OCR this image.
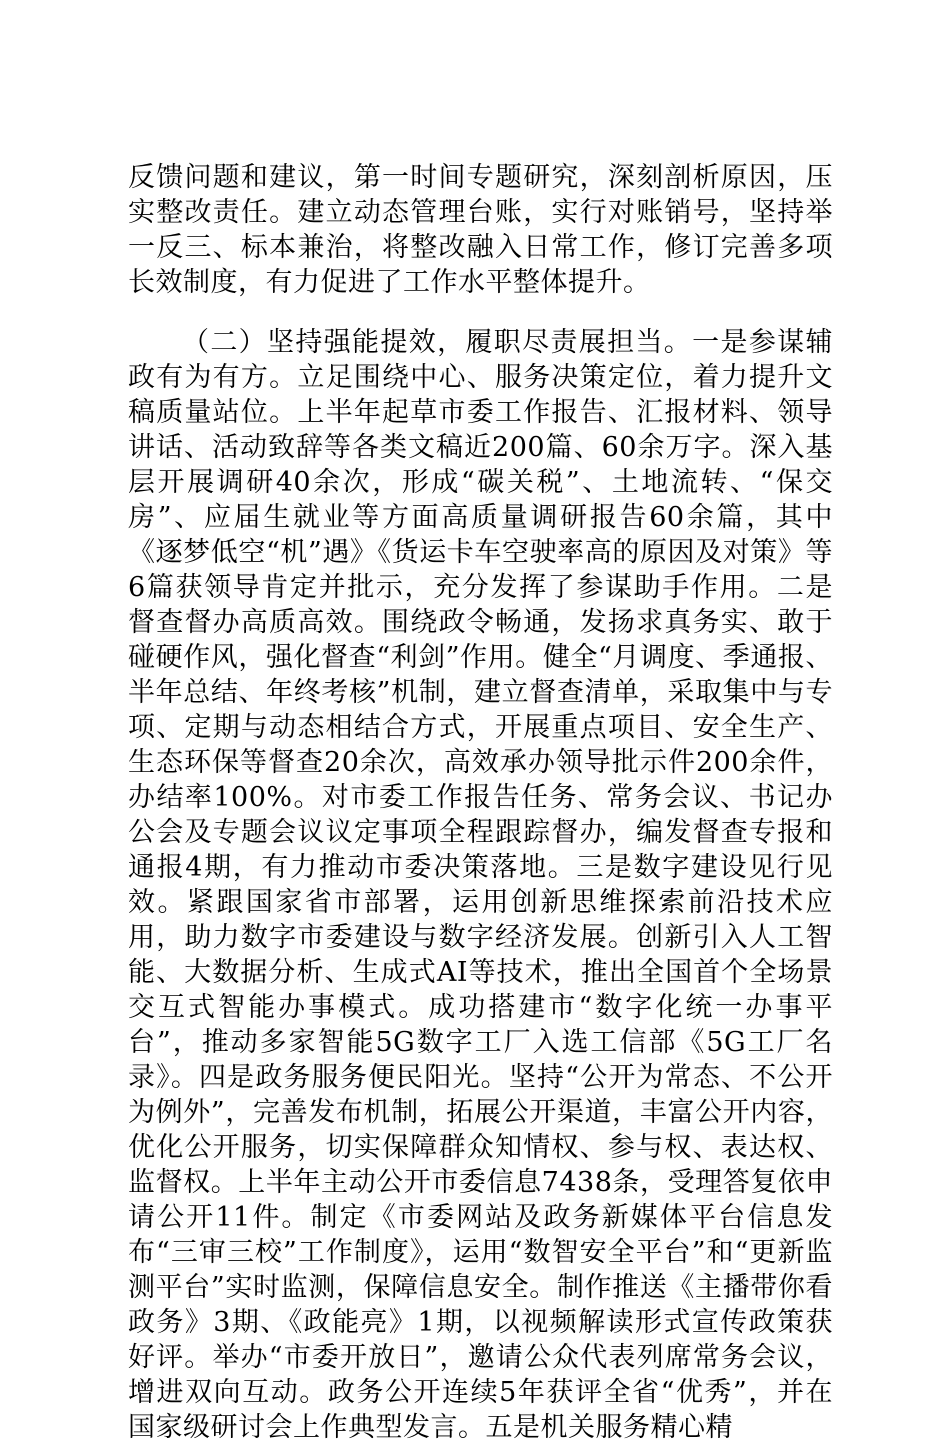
反馈问题和建议，第一时间专题研究，深刻剖析原因，压实整改责任。建立动态管理台账，实行对账销号，坚持举一反三、标本兼治，将整改融入日常工作，修订完善多项长效制度，有力促进了工作水平整体提升。

（二）坚持强能提效，履职尽责展担当。一是参谋辅政有为有方。立足围绕中心、服务决策定位，着力提升文稿质量站位。上半年起草市委工作报告、汇报材料、领导讲话、活动致辞等各类文稿近200篇、60余万字。深入基层开展调研40余次，形成“碳关税”、土地流转、“保交房”、应届生就业等方面高质量调研报告60余篇，其中《逐梦低空“机”遇》《货运卡车空驶率高的原因及对策》等6篇获领导肯定并批示，充分发挥了参谋助手作用。二是督查督办高质高效。围绕政令畅通，发扬求真务实、敢于碰硬作风，强化督查“利剑”作用。健全“月调度、季通报、半年总结、年终考核”机制，建立督查清单，采取集中与专项、定期与动态相结合方式，开展重点项目、安全生产、生态环保等督查20余次，高效承办领导批示件200余件，办结率100%。对市委工作报告任务、常务会议、书记办公会及专题会议议定事项全程跟踪督办，编发督查专报和通报4期，有力推动市委决策落地。三是数字建设见行见效。紧跟国家省市部署，运用创新思维探索前沿技术应用，助力数字市委建设与数字经济发展。创新引入人工智能、大数据分析、生成式AI等技术，推出全国首个全场景交互式智能办事模式。成功搭建市“数字化统一办事平台”，推动多家智能5G数字工厂入选工信部《5G工厂名录》。四是政务服务便民阳光。坚持“公开为常态、不公开为例外”，完善发布机制，拓展公开渠道，丰富公开内容，优化公开服务，切实保障群众知情权、参与权、表达权、监督权。上半年主动公开市委信息7438条，受理答复依申请公开11件。制定《市委网站及政务新媒体平台信息发布“三审三校”工作制度》，运用“数智安全平台”和“更新监测平台”实时监测，保障信息安全。制作推送《主播带你看政务》3期、《政能亮》1期，以视频解读形式宣传政策获好评。举办“市委开放日”，邀请公众代表列席常务会议，增进双向互动。政务公开连续5年获评全省“优秀”，并在国家级研讨会上作典型发言。五是机关服务精心精
